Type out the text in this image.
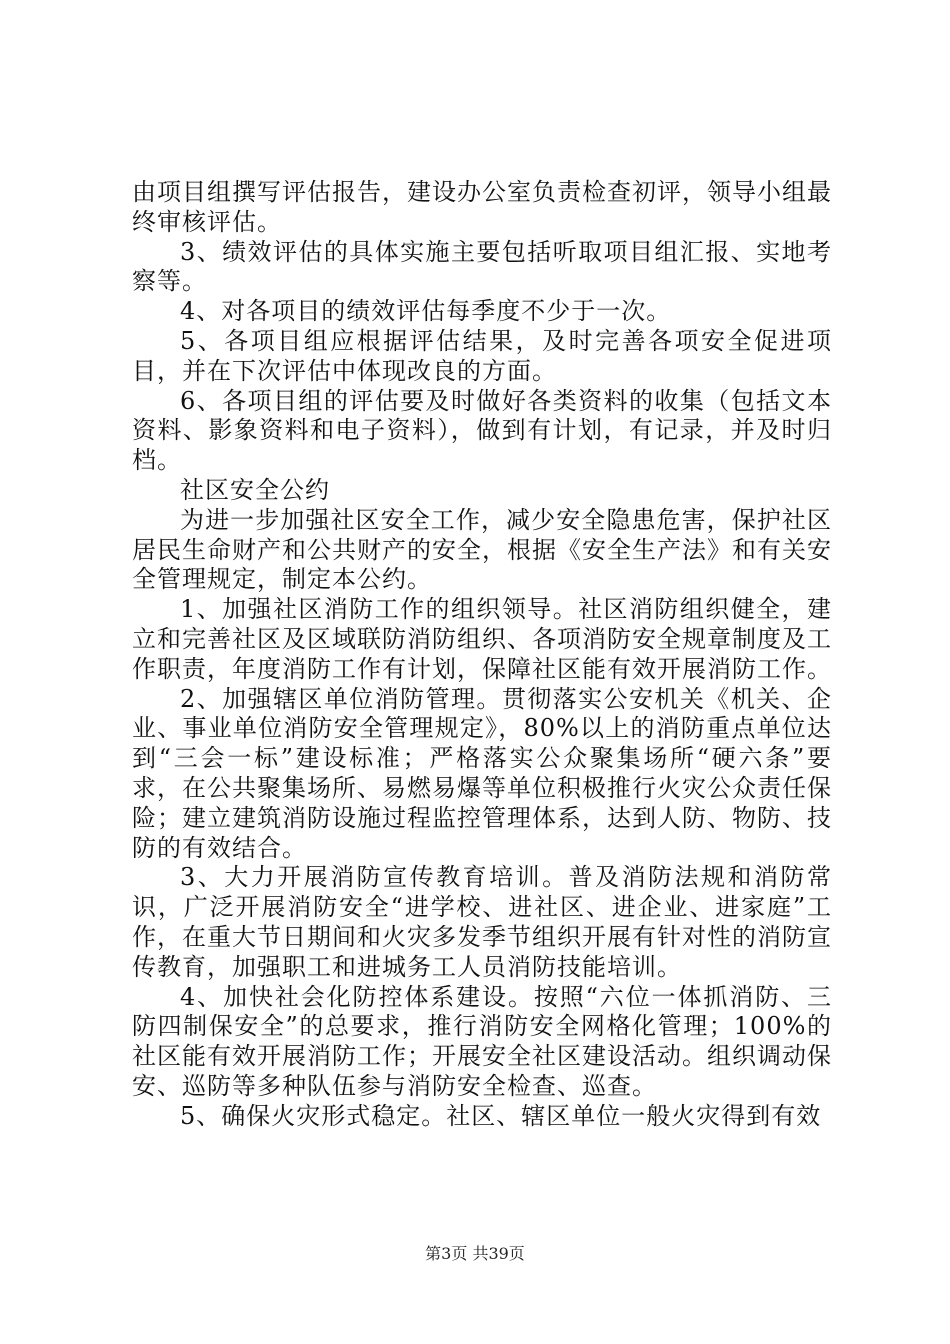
由项目组撰写评估报告，建设办公室负责检查初评，领导小组最终审核评估。

3、绩效评估的具体实施主要包括听取项目组汇报、实地考察等。

4、对各项目的绩效评估每季度不少于一次。

5、各项目组应根据评估结果，及时完善各项安全促进项目，并在下次评估中体现改良的方面。

6、各项目组的评估要及时做好各类资料的收集（包括文本资料、影象资料和电子资料），做到有计划，有记录，并及时归档。

社区安全公约

为进一步加强社区安全工作，减少安全隐患危害，保护社区居民生命财产和公共财产的安全，根据《安全生产法》和有关安全管理规定，制定本公约。

1、加强社区消防工作的组织领导。社区消防组织健全，建立和完善社区及区域联防消防组织、各项消防安全规章制度及工作职责，年度消防工作有计划，保障社区能有效开展消防工作。

2、加强辖区单位消防管理。贯彻落实公安机关《机关、企业、事业单位消防安全管理规定》，80%以上的消防重点单位达到“三会一标”建设标准；严格落实公众聚集场所“硬六条”要求，在公共聚集场所、易燃易爆等单位积极推行火灾公众责任保险；建立建筑消防设施过程监控管理体系，达到人防、物防、技防的有效结合。

3、大力开展消防宣传教育培训。普及消防法规和消防常识，广泛开展消防安全“进学校、进社区、进企业、进家庭”工作，在重大节日期间和火灾多发季节组织开展有针对性的消防宣传教育，加强职工和进城务工人员消防技能培训。

4、加快社会化防控体系建设。按照“六位一体抓消防、三防四制保安全”的总要求，推行消防安全网格化管理；100%的社区能有效开展消防工作；开展安全社区建设活动。组织调动保安、巡防等多种队伍参与消防安全检查、巡查。

5、确保火灾形式稳定。社区、辖区单位一般火灾得到有效

第3页 共39页
